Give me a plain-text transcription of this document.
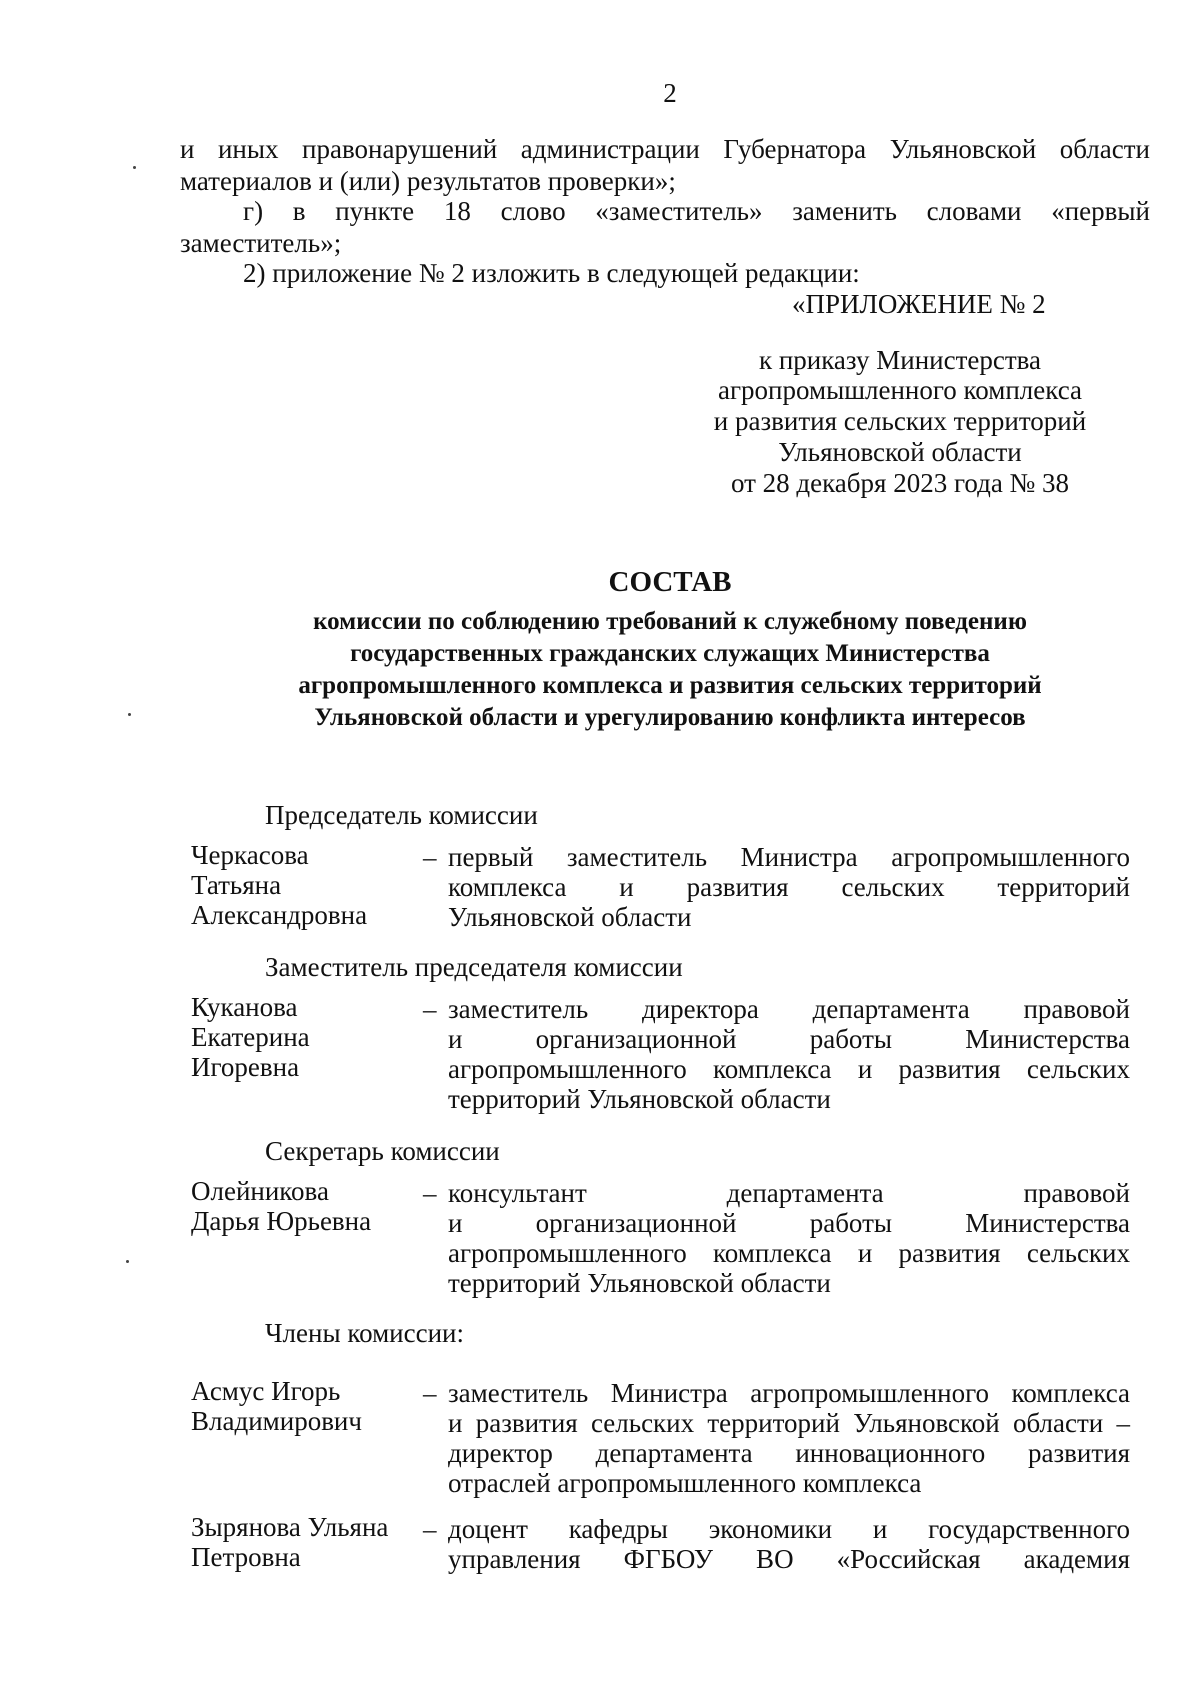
2
и иных правонарушений администрации Губернатора Ульяновской области
материалов и (или) результатов проверки»;
г) в пункте 18 слово «заместитель» заменить словами «первый
заместитель»;
2) приложение № 2 изложить в следующей редакции:
«ПРИЛОЖЕНИЕ № 2
к приказу Министерства
агропромышленного комплекса
и развития сельских территорий
Ульяновской области
от 28 декабря 2023 года № 38
СОСТАВ
комиссии по соблюдению требований к служебному поведению
государственных гражданских служащих Министерства
агропромышленного комплекса и развития сельских территорий
Ульяновской области и урегулированию конфликта интересов
Председатель комиссии
Черкасова
Татьяна
Александровна
– первый заместитель Министра агропромышленного
комплекса и развития сельских территорий
Ульяновской области
Заместитель председателя комиссии
Куканова
Екатерина
Игоревна
– заместитель директора департамента правовой
и организационной работы Министерства
агропромышленного комплекса и развития сельских
территорий Ульяновской области
Секретарь комиссии
Олейникова
Дарья Юрьевна
– консультант департамента правовой
и организационной работы Министерства
агропромышленного комплекса и развития сельских
территорий Ульяновской области
Члены комиссии:
Асмус Игорь
Владимирович
– заместитель Министра агропромышленного комплекса
и развития сельских территорий Ульяновской области –
директор департамента инновационного развития
отраслей агропромышленного комплекса
Зырянова Ульяна
Петровна
– доцент кафедры экономики и государственного
управления ФГБОУ ВО «Российская академия
